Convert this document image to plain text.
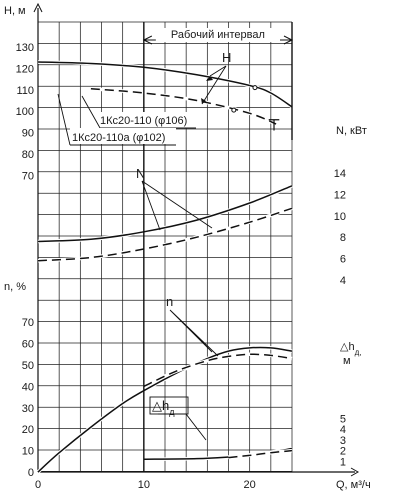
70
80
90
100
110
120
130
10
20
30
40
50
60
70
0
4
6
8
10
12
14
1
2
3
4
5
0	10	20
Рабочий интервал
1Кс20-110 (φ106)
1Кс20-110а (φ102)
H, м
N, кВт
n, %
$\triangle h_{д,}$ м
Q, м³/ч
H
N
n
$\triangle h_д$
